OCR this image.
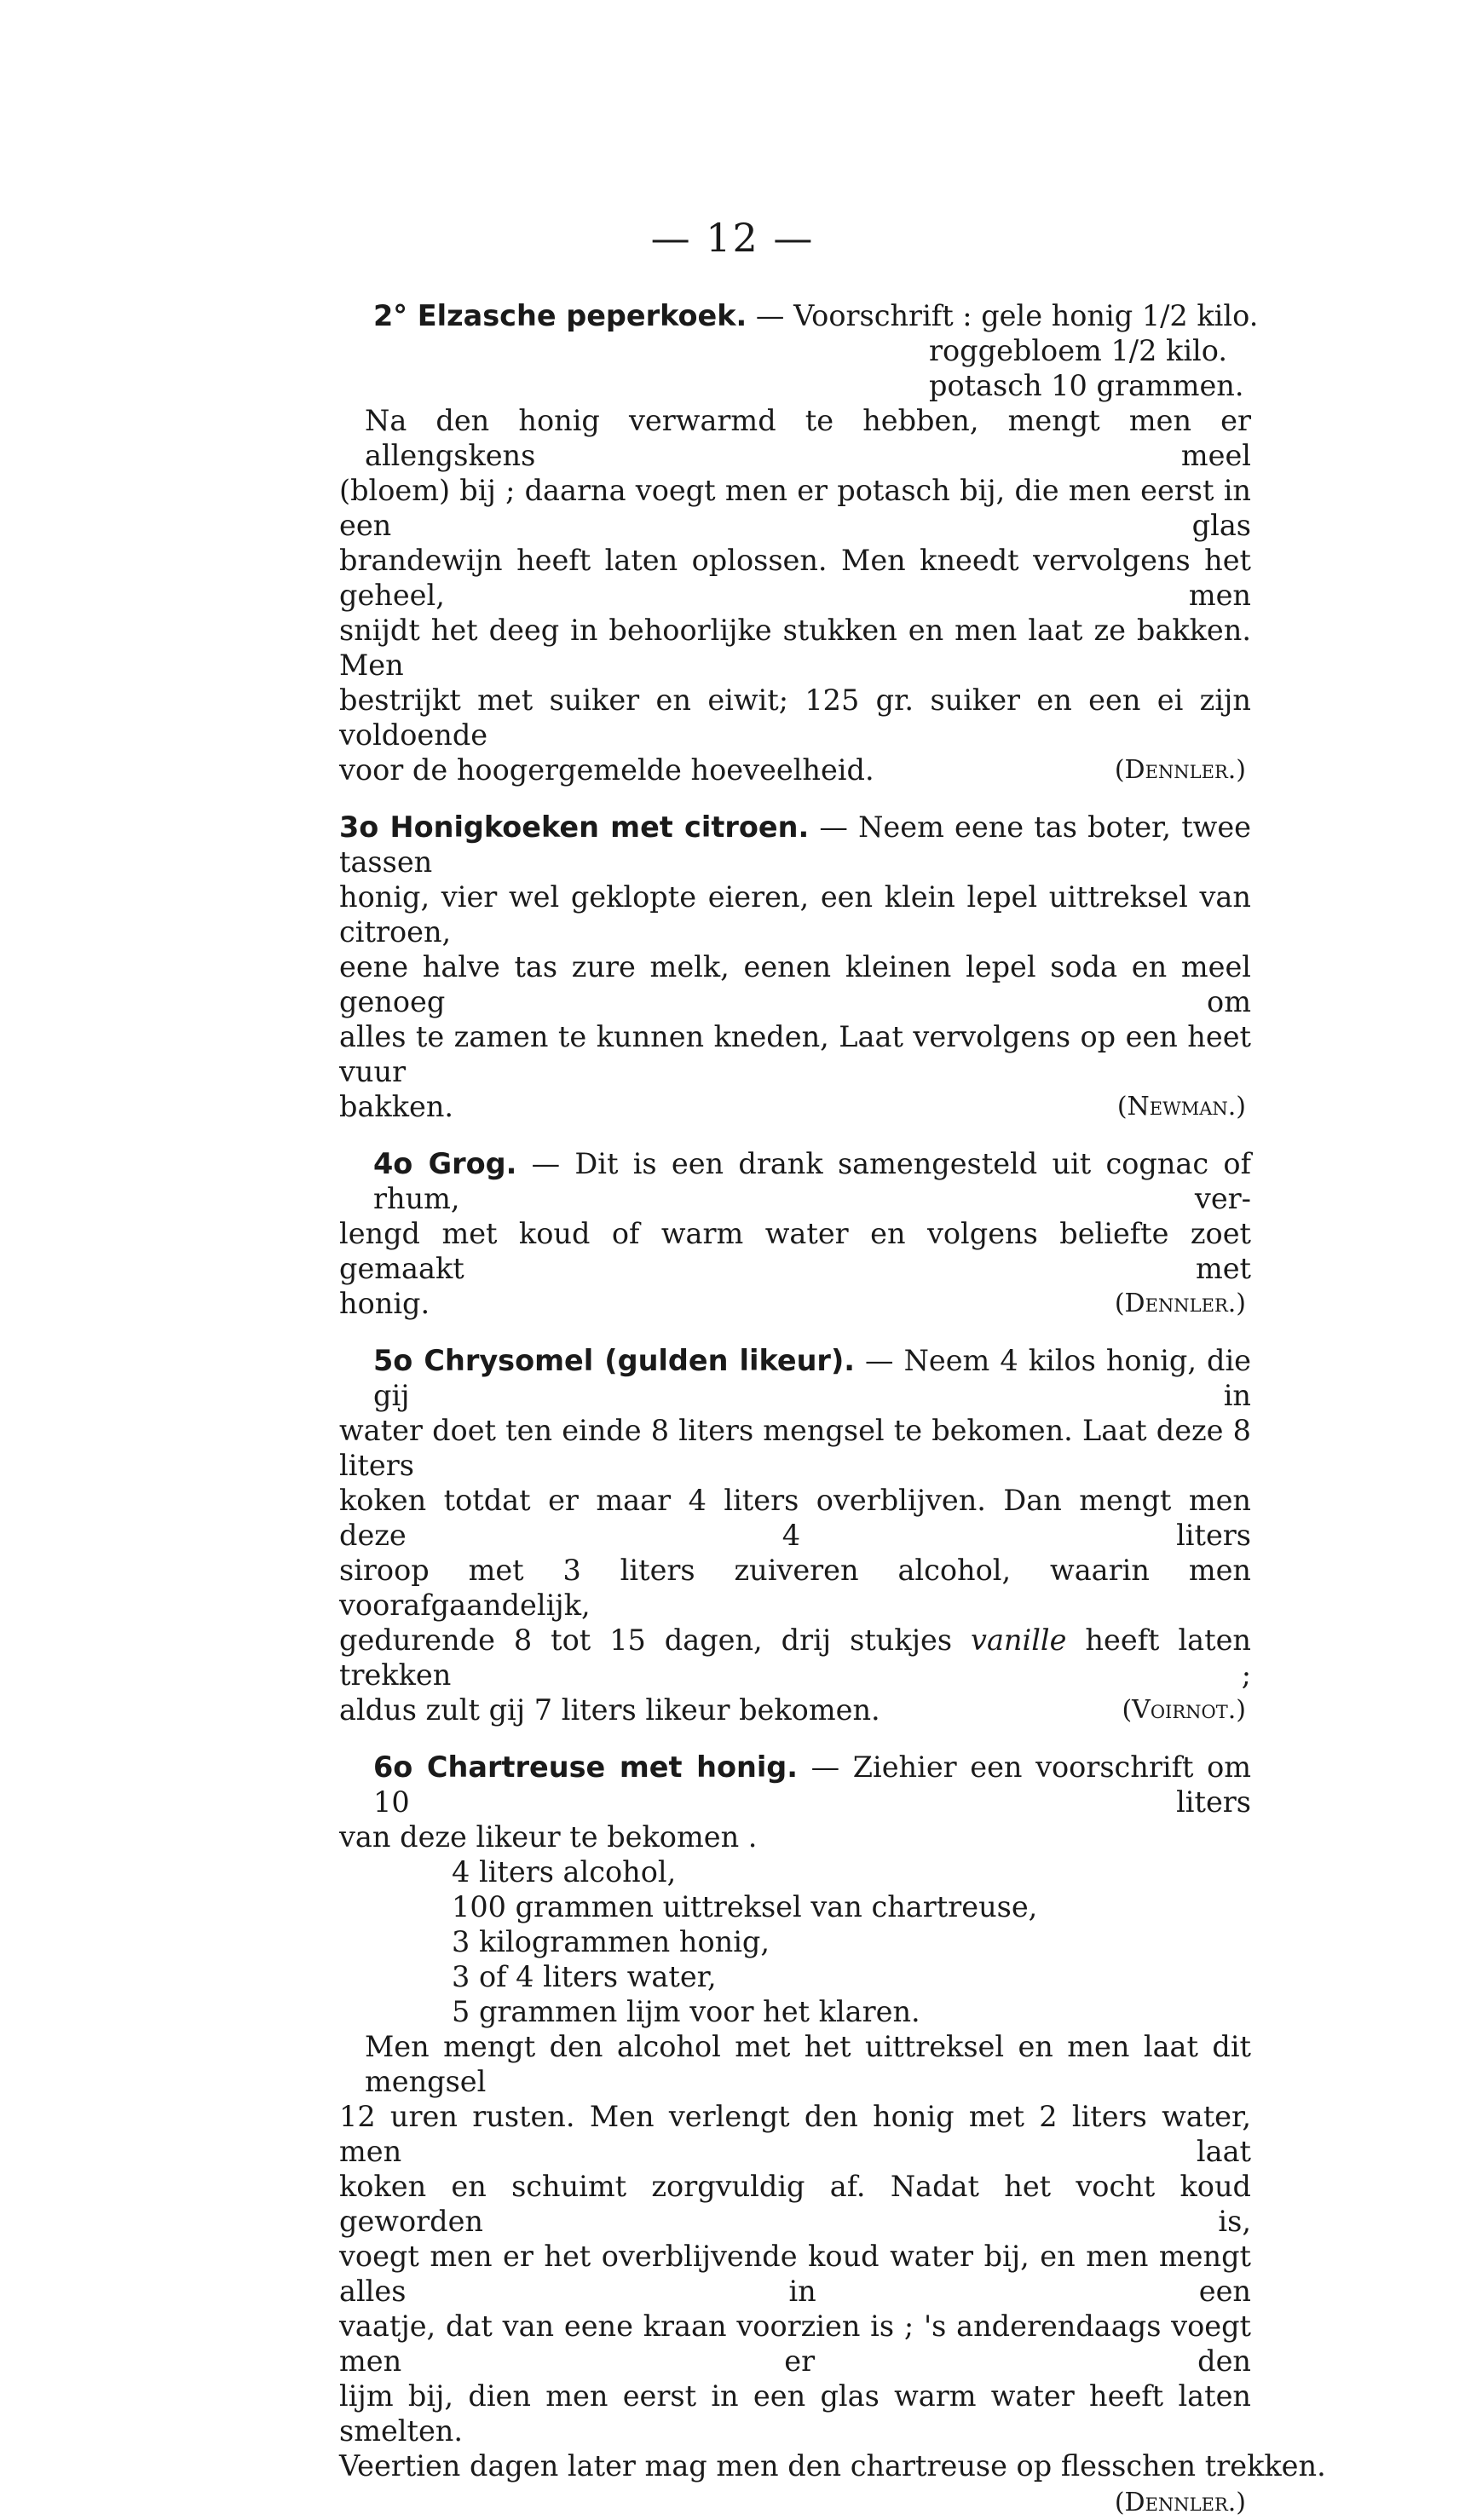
— 12 —
2° Elzasche peperkoek. — Voorschrift : gele honig 1/2 kilo.
roggebloem 1/2 kilo.
potasch 10 grammen.
Na den honig verwarmd te hebben, mengt men er allengskens meel
(bloem) bij ; daarna voegt men er potasch bij, die men eerst in een glas
brandewijn heeft laten oplossen. Men kneedt vervolgens het geheel, men
snijdt het deeg in behoorlijke stukken en men laat ze bakken. Men
bestrijkt met suiker en eiwit; 125 gr. suiker en een ei zijn voldoende
voor de hoogergemelde hoeveelheid.	(Dennler.)
3o Honigkoeken met citroen. — Neem eene tas boter, twee tassen
honig, vier wel geklopte eieren, een klein lepel uittreksel van citroen,
eene halve tas zure melk, eenen kleinen lepel soda en meel genoeg om
alles te zamen te kunnen kneden, Laat vervolgens op een heet vuur
bakken.	(Newman.)
4o Grog. — Dit is een drank samengesteld uit cognac of rhum, ver-
lengd met koud of warm water en volgens beliefte zoet gemaakt met
honig.	(Dennler.)
5o Chrysomel (gulden likeur). — Neem 4 kilos honig, die gij in
water doet ten einde 8 liters mengsel te bekomen. Laat deze 8 liters
koken totdat er maar 4 liters overblijven. Dan mengt men deze 4 liters
siroop met 3 liters zuiveren alcohol, waarin men voorafgaandelijk,
gedurende 8 tot 15 dagen, drij stukjes vanille heeft laten trekken ;
aldus zult gij 7 liters likeur bekomen.	(Voirnot.)
6o Chartreuse met honig. — Ziehier een voorschrift om 10 liters
van deze likeur te bekomen .
4 liters alcohol,
100 grammen uittreksel van chartreuse,
3 kilogrammen honig,
3 of 4 liters water,
5 grammen lijm voor het klaren.
Men mengt den alcohol met het uittreksel en men laat dit mengsel
12 uren rusten. Men verlengt den honig met 2 liters water, men laat
koken en schuimt zorgvuldig af. Nadat het vocht koud geworden is,
voegt men er het overblijvende koud water bij, en men mengt alles in een
vaatje, dat van eene kraan voorzien is ; 's anderendaags voegt men er den
lijm bij, dien men eerst in een glas warm water heeft laten smelten.
Veertien dagen later mag men den chartreuse op flesschen trekken.
(Dennler.)
